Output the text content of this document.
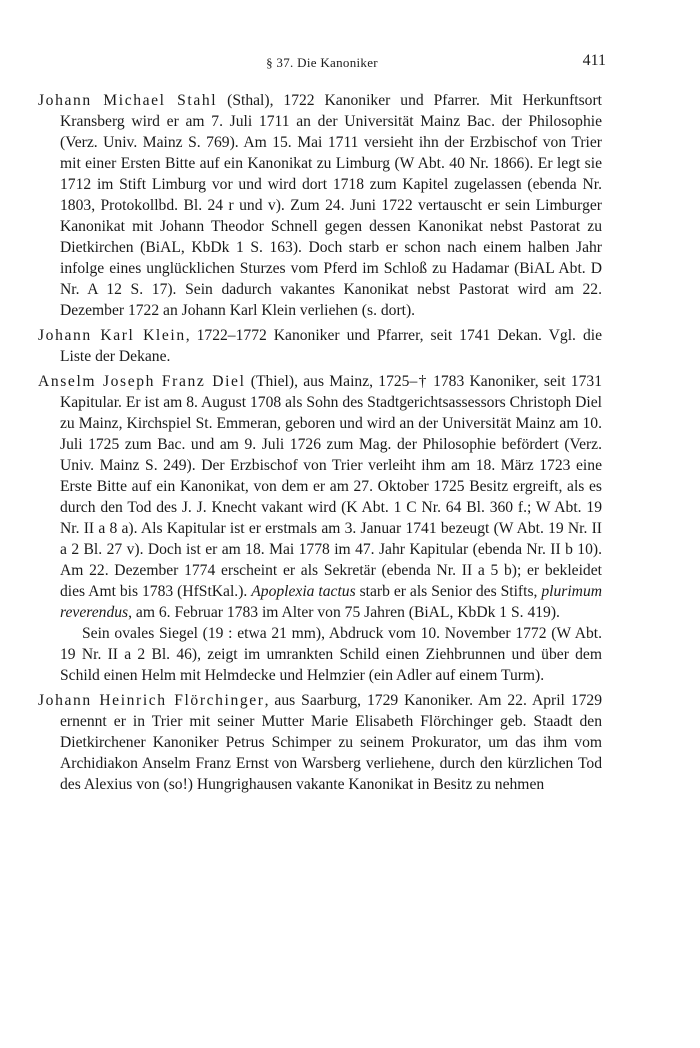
§ 37. Die Kanoniker	411

Johann Michael Stahl (Sthal), 1722 Kanoniker und Pfarrer. Mit Herkunftsort Kransberg wird er am 7. Juli 1711 an der Universität Mainz Bac. der Philosophie (Verz. Univ. Mainz S. 769). Am 15. Mai 1711 versieht ihn der Erzbischof von Trier mit einer Ersten Bitte auf ein Kanonikat zu Limburg (W Abt. 40 Nr. 1866). Er legt sie 1712 im Stift Limburg vor und wird dort 1718 zum Kapitel zugelassen (ebenda Nr. 1803, Protokollbd. Bl. 24 r und v). Zum 24. Juni 1722 vertauscht er sein Limburger Kanonikat mit Johann Theodor Schnell gegen dessen Kanonikat nebst Pastorat zu Dietkirchen (BiAL, KbDk 1 S. 163). Doch starb er schon nach einem halben Jahr infolge eines unglücklichen Sturzes vom Pferd im Schloß zu Hadamar (BiAL Abt. D Nr. A 12 S. 17). Sein dadurch vakantes Kanonikat nebst Pastorat wird am 22. Dezember 1722 an Johann Karl Klein verliehen (s. dort).

Johann Karl Klein, 1722–1772 Kanoniker und Pfarrer, seit 1741 Dekan. Vgl. die Liste der Dekane.

Anselm Joseph Franz Diel (Thiel), aus Mainz, 1725–† 1783 Kanoniker, seit 1731 Kapitular. Er ist am 8. August 1708 als Sohn des Stadtgerichtsassessors Christoph Diel zu Mainz, Kirchspiel St. Emmeran, geboren und wird an der Universität Mainz am 10. Juli 1725 zum Bac. und am 9. Juli 1726 zum Mag. der Philosophie befördert (Verz. Univ. Mainz S. 249). Der Erzbischof von Trier verleiht ihm am 18. März 1723 eine Erste Bitte auf ein Kanonikat, von dem er am 27. Oktober 1725 Besitz ergreift, als es durch den Tod des J. J. Knecht vakant wird (K Abt. 1 C Nr. 64 Bl. 360 f.; W Abt. 19 Nr. II a 8 a). Als Kapitular ist er erstmals am 3. Januar 1741 bezeugt (W Abt. 19 Nr. II a 2 Bl. 27 v). Doch ist er am 18. Mai 1778 im 47. Jahr Kapitular (ebenda Nr. II b 10). Am 22. Dezember 1774 erscheint er als Sekretär (ebenda Nr. II a 5 b); er bekleidet dies Amt bis 1783 (HfStKal.). Apoplexia tactus starb er als Senior des Stifts, plurimum reverendus, am 6. Februar 1783 im Alter von 75 Jahren (BiAL, KbDk 1 S. 419).

Sein ovales Siegel (19 : etwa 21 mm), Abdruck vom 10. November 1772 (W Abt. 19 Nr. II a 2 Bl. 46), zeigt im umrankten Schild einen Ziehbrunnen und über dem Schild einen Helm mit Helmdecke und Helmzier (ein Adler auf einem Turm).

Johann Heinrich Flörchinger, aus Saarburg, 1729 Kanoniker. Am 22. April 1729 ernennt er in Trier mit seiner Mutter Marie Elisabeth Flörchinger geb. Staadt den Dietkirchener Kanoniker Petrus Schimper zu seinem Prokurator, um das ihm vom Archidiakon Anselm Franz Ernst von Warsberg verliehene, durch den kürzlichen Tod des Alexius von (so!) Hungrighausen vakante Kanonikat in Besitz zu nehmen
